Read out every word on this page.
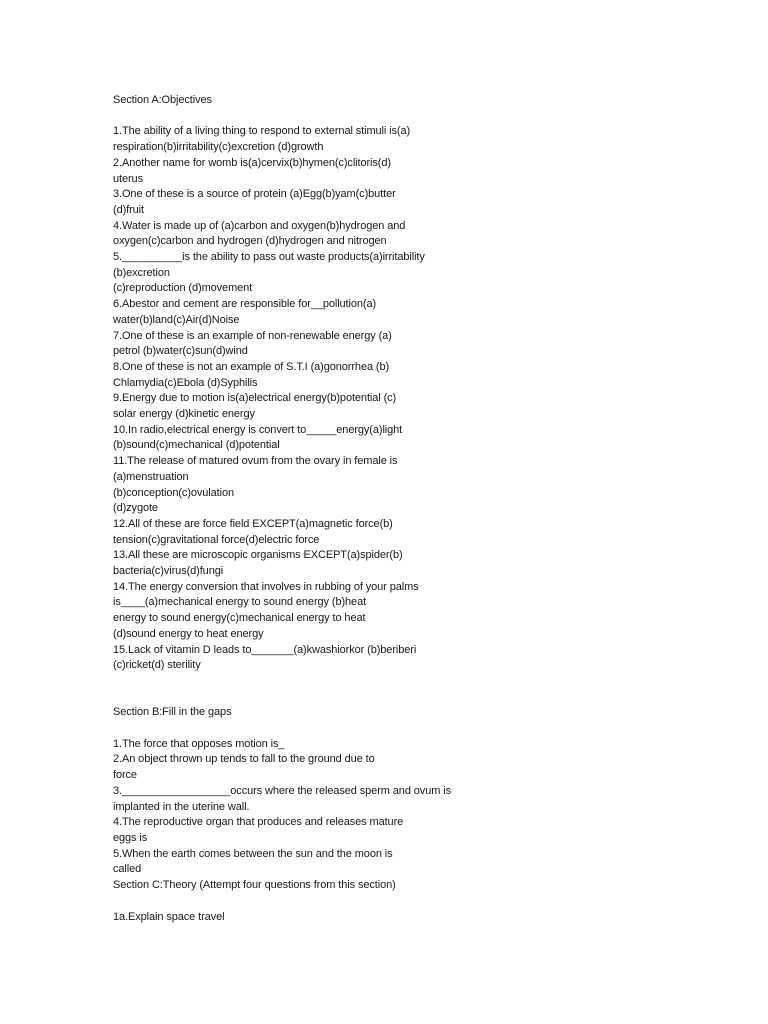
Section A:Objectives
1.The ability of a living thing to respond to external stimuli is(a)
respiration(b)irritability(c)excretion (d)growth
2.Another name for womb is(a)cervix(b)hymen(c)clitoris(d)
uterus
3.One of these is a source of protein (a)Egg(b)yam(c)butter
(d)fruit
4.Water is made up of (a)carbon and oxygen(b)hydrogen and
oxygen(c)carbon and hydrogen (d)hydrogen and nitrogen
5.__________is the ability to pass out waste products(a)irritability
(b)excretion
(c)reproduction (d)movement
6.Abestor and cement are responsible for__pollution(a)
water(b)land(c)Air(d)Noise
7.One of these is an example of non-renewable energy (a)
petrol (b)water(c)sun(d)wind
8.One of these is not an example of S.T.I (a)gonorrhea (b)
Chlamydia(c)Ebola (d)Syphilis
9.Energy due to motion is(a)electrical energy(b)potential (c)
solar energy (d)kinetic energy
10.In radio,electrical energy is convert to_____energy(a)light
(b)sound(c)mechanical (d)potential
11.The release of matured ovum from the ovary in female is
(a)menstruation
(b)conception(c)ovulation
(d)zygote
12.All of these are force field EXCEPT(a)magnetic force(b)
tension(c)gravitational force(d)electric force
13.All these are microscopic organisms EXCEPT(a)spider(b)
bacteria(c)virus(d)fungi
14.The energy conversion that involves in rubbing of your palms
is____(a)mechanical energy to sound energy (b)heat
energy to sound energy(c)mechanical energy to heat
(d)sound energy to heat energy
15.Lack of vitamin D leads to_______(a)kwashiorkor (b)beriberi
(c)ricket(d) sterility
Section B:Fill in the gaps
1.The force that opposes motion is_
2.An object thrown up tends to fall to the ground due to
force
3.__________________occurs where the released sperm and ovum is
implanted in the uterine wall.
4.The reproductive organ that produces and releases mature
eggs is
5.When the earth comes between the sun and the moon is
called
Section C:Theory (Attempt four questions from this section)
1a.Explain space travel
